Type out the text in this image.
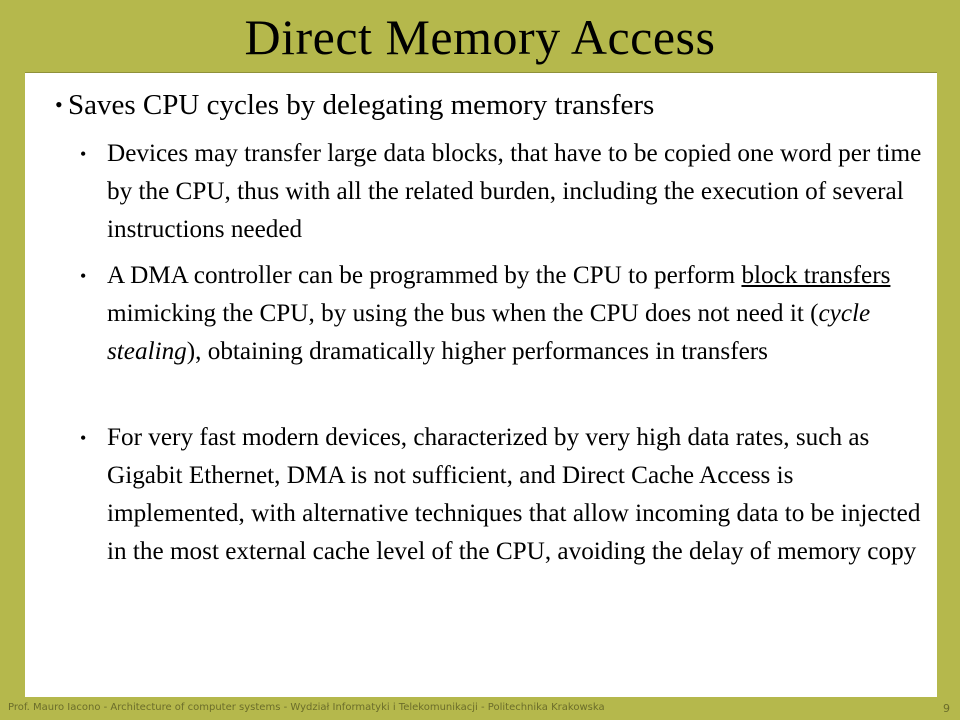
Direct Memory Access
• Saves CPU cycles by delegating memory transfers
• Devices may transfer large data blocks, that have to be copied one word per time by the CPU, thus with all the related burden, including the execution of several instructions needed
• A DMA controller can be programmed by the CPU to perform block transfers mimicking the CPU, by using the bus when the CPU does not need it (cycle stealing), obtaining dramatically higher performances in transfers
• For very fast modern devices, characterized by very high data rates, such as Gigabit Ethernet, DMA is not sufficient, and Direct Cache Access is implemented, with alternative techniques that allow incoming data to be injected in the most external cache level of the CPU, avoiding the delay of memory copy
Prof. Mauro Iacono - Architecture of computer systems - Wydział Informatyki i Telekomunikacji - Politechnika Krakowska	9
